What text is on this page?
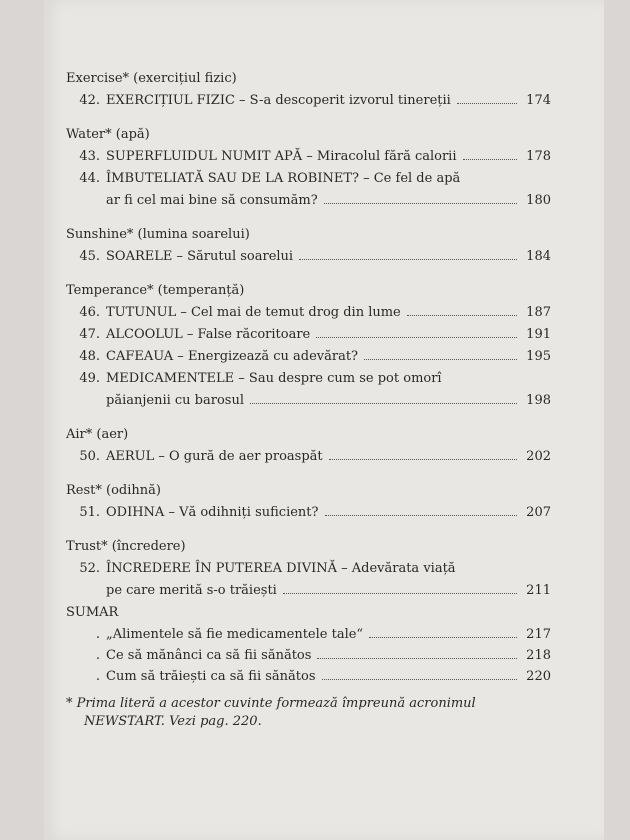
Exercise* (exercițiul fizic)
42. EXERCIȚIUL FIZIC – S-a descoperit izvorul tinereții	174
Water* (apă)
43. SUPERFLUIDUL NUMIT APĂ – Miracolul fără calorii	178
44. ÎMBUTELIATĂ SAU DE LA ROBINET? – Ce fel de apă
ar fi cel mai bine să consumăm?	180
Sunshine* (lumina soarelui)
45. SOARELE – Sărutul soarelui	184
Temperance* (temperanță)
46. TUTUNUL – Cel mai de temut drog din lume	187
47. ALCOOLUL – False răcoritoare	191
48. CAFEAUA – Energizează cu adevărat?	195
49. MEDICAMENTELE – Sau despre cum se pot omorî
păianjenii cu barosul	198
Air* (aer)
50. AERUL – O gură de aer proaspăt	202
Rest* (odihnă)
51. ODIHNA – Vă odihniți suficient?	207
Trust* (încredere)
52. ÎNCREDERE ÎN PUTEREA DIVINĂ – Adevărata viață
pe care merită s-o trăiești	211
SUMAR
. „Alimentele să fie medicamentele tale“	217
. Ce să mănânci ca să fii sănătos	218
. Cum să trăiești ca să fii sănătos	220
* Prima literă a acestor cuvinte formează împreună acronimul
NEWSTART. Vezi pag. 220.
